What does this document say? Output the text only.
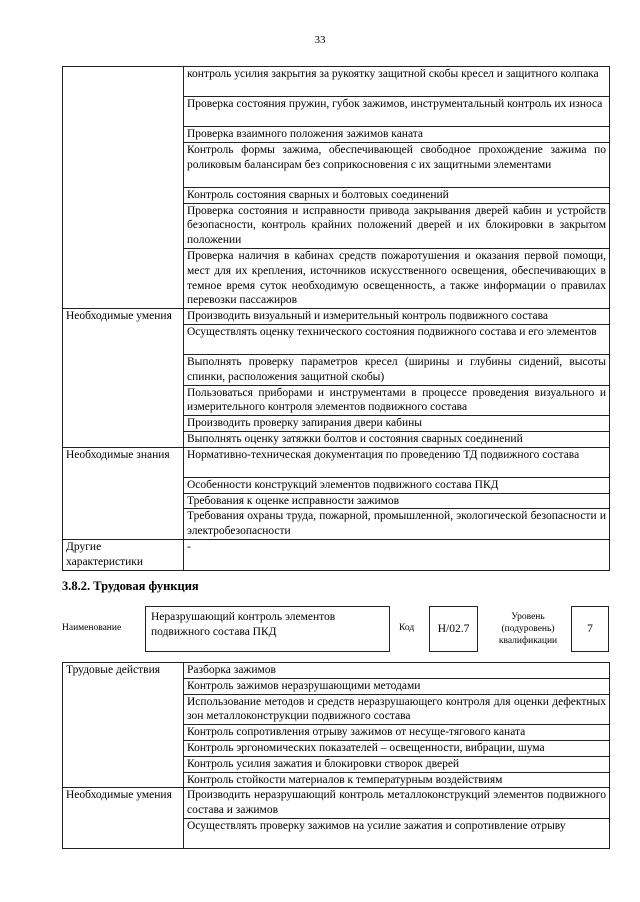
33
	контроль усилия закрытия за рукоятку защитной скобы кресел и защитного колпака
	Проверка состояния пружин, губок зажимов, инструментальный контроль их износа
	Проверка взаимного положения зажимов каната
	Контроль формы зажима, обеспечивающей свободное прохождение зажима по роликовым балансирам без соприкосновения с их защитными элементами
	Контроль состояния сварных и болтовых соединений
	Проверка состояния и исправности привода закрывания дверей кабин и устройств безопасности, контроль крайних положений дверей и их блокировки в закрытом положении
	Проверка наличия в кабинах средств пожаротушения и оказания первой помощи, мест для их крепления, источников искусственного освещения, обеспечивающих в темное время суток необходимую освещенность, а также информации о правилах перевозки пассажиров
Необходимые умения	Производить визуальный и измерительный контроль подвижного состава
	Осуществлять оценку технического состояния подвижного состава и его элементов
	Выполнять проверку параметров кресел (ширины и глубины сидений, высоты спинки, расположения защитной скобы)
	Пользоваться приборами и инструментами в процессе проведения визуального и измерительного контроля элементов подвижного состава
	Производить проверку запирания двери кабины
	Выполнять оценку затяжки болтов и состояния сварных соединений
Необходимые знания	Нормативно-техническая документация по проведению ТД подвижного состава
	Особенности конструкций элементов подвижного состава ПКД
	Требования к оценке исправности зажимов
	Требования охраны труда, пожарной, промышленной, экологической безопасности и электробезопасности
Другие характеристики	-
3.8.2. Трудовая функция
Наименование
Неразрушающий контроль элементов подвижного состава ПКД	Код	Н/02.7
Уровень (подуровень) квалификации
7
Трудовые действия	Разборка зажимов
	Контроль зажимов неразрушающими методами
	Использование методов и средств неразрушающего контроля для оценки дефектных зон металлоконструкции подвижного состава
	Контроль сопротивления отрыву зажимов от несуще-тягового каната
	Контроль эргономических показателей – освещенности, вибрации, шума
	Контроль усилия зажатия и блокировки створок дверей
	Контроль стойкости материалов к температурным воздействиям
Необходимые умения	Производить неразрушающий контроль металлоконструкций элементов подвижного состава и зажимов
	Осуществлять проверку зажимов на усилие зажатия и сопротивление отрыву
